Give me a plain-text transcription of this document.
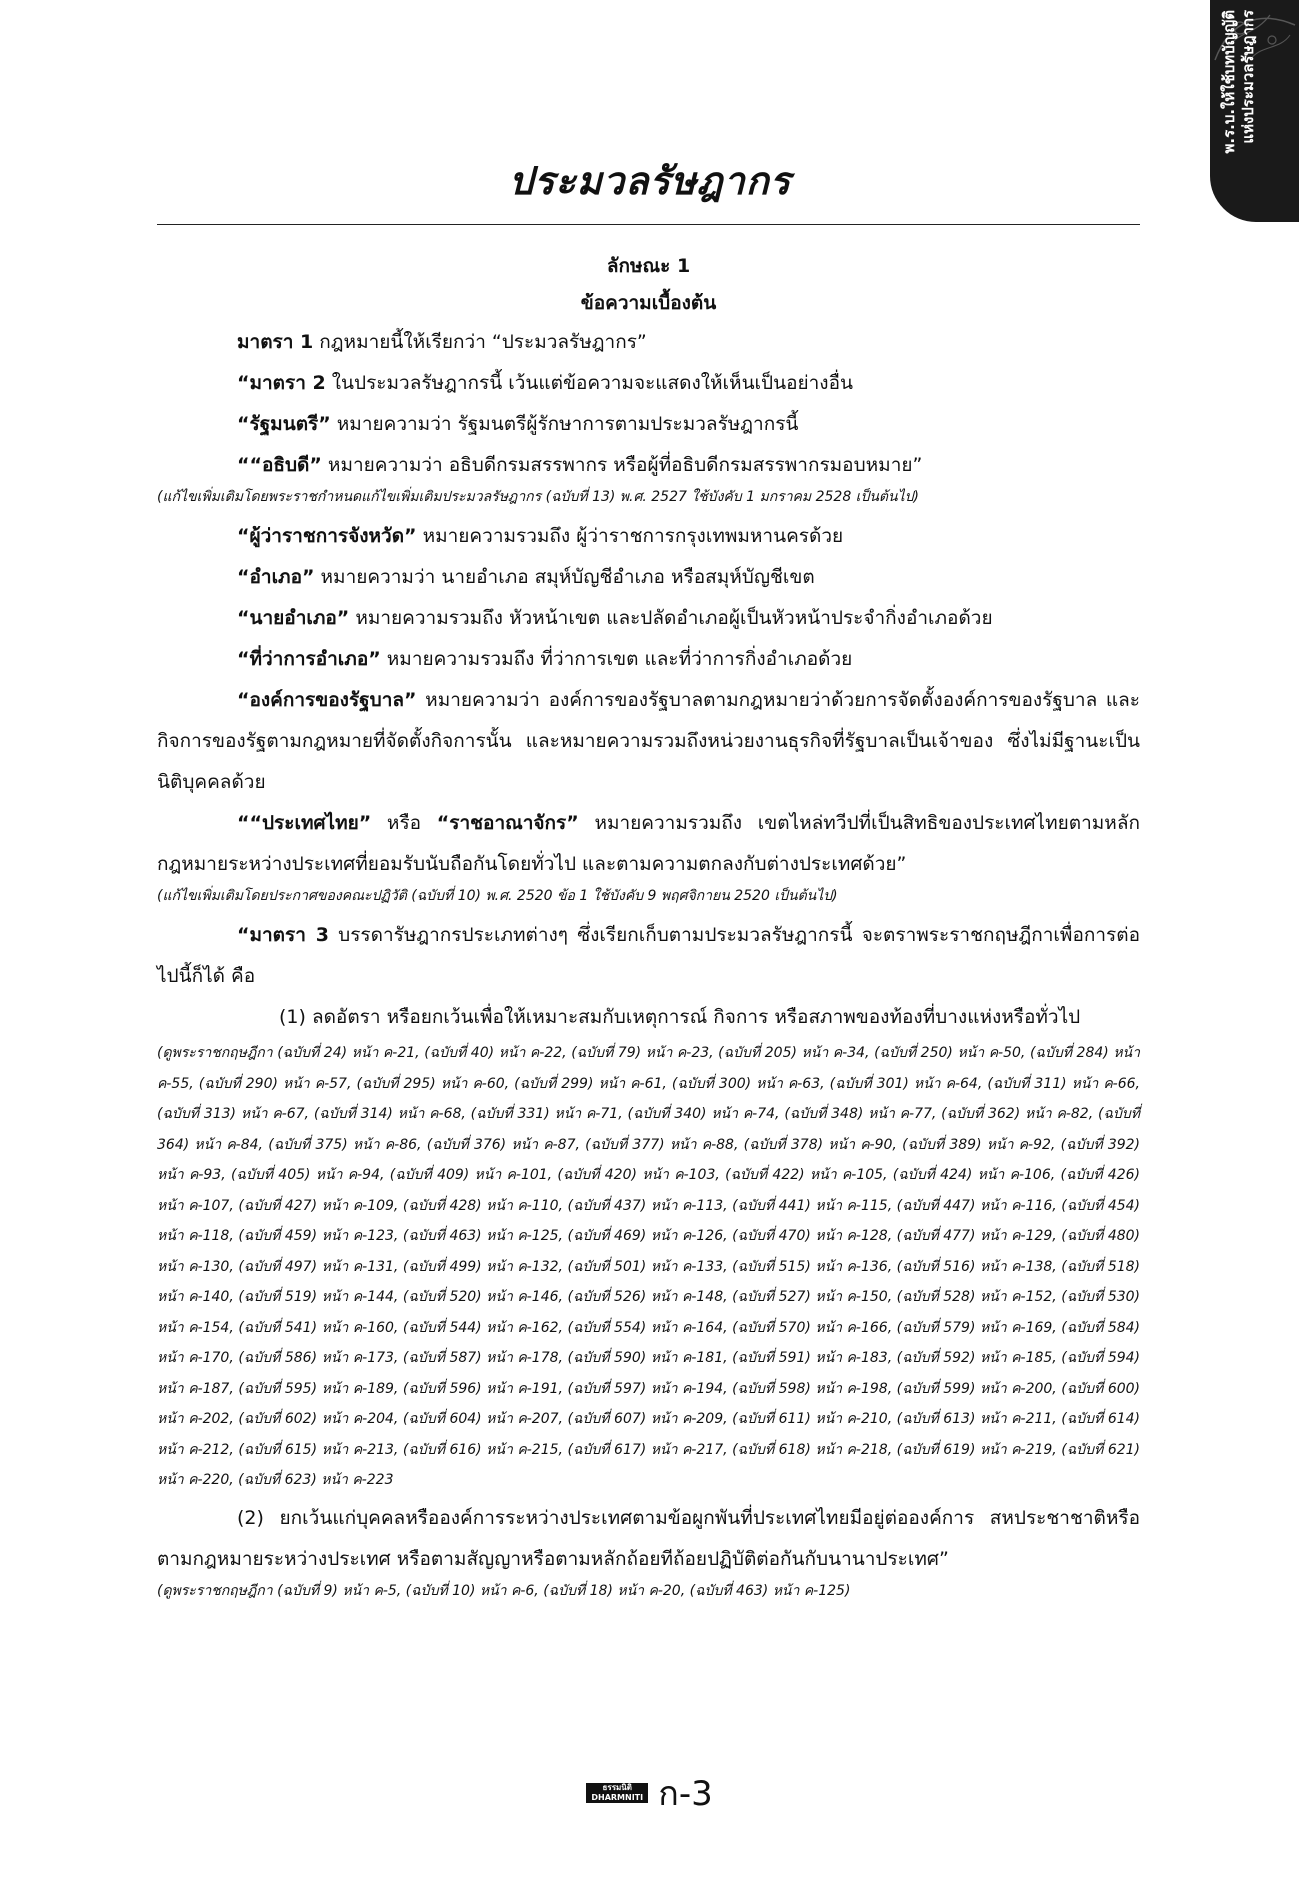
พ.ร.บ.ให้ใช้บทบัญญัติ แห่งประมวลรัษฎากร
ประมวลรัษฎากร
ลักษณะ 1
ข้อความเบื้องต้น

มาตรา 1 กฎหมายนี้ให้เรียกว่า “ประมวลรัษฎากร”

“มาตรา 2 ในประมวลรัษฎากรนี้ เว้นแต่ข้อความจะแสดงให้เห็นเป็นอย่างอื่น

“รัฐมนตรี” หมายความว่า รัฐมนตรีผู้รักษาการตามประมวลรัษฎากรนี้

““อธิบดี” หมายความว่า อธิบดีกรมสรรพากร หรือผู้ที่อธิบดีกรมสรรพากรมอบหมาย”

(แก้ไขเพิ่มเติมโดยพระราชกำหนดแก้ไขเพิ่มเติมประมวลรัษฎากร (ฉบับที่ 13) พ.ศ. 2527 ใช้บังคับ 1 มกราคม 2528 เป็นต้นไป)

“ผู้ว่าราชการจังหวัด” หมายความรวมถึง ผู้ว่าราชการกรุงเทพมหานครด้วย

“อำเภอ” หมายความว่า นายอำเภอ สมุห์บัญชีอำเภอ หรือสมุห์บัญชีเขต

“นายอำเภอ” หมายความรวมถึง หัวหน้าเขต และปลัดอำเภอผู้เป็นหัวหน้าประจำกิ่งอำเภอด้วย

“ที่ว่าการอำเภอ” หมายความรวมถึง ที่ว่าการเขต และที่ว่าการกิ่งอำเภอด้วย

“องค์การของรัฐบาล” หมายความว่า องค์การของรัฐบาลตามกฎหมายว่าด้วยการจัดตั้งองค์การของรัฐบาล และกิจการของรัฐตามกฎหมายที่จัดตั้งกิจการนั้น และหมายความรวมถึงหน่วยงานธุรกิจที่รัฐบาลเป็นเจ้าของ ซึ่งไม่มีฐานะเป็นนิติบุคคลด้วย

““ประเทศไทย” หรือ “ราชอาณาจักร” หมายความรวมถึง เขตไหล่ทวีปที่เป็นสิทธิของประเทศไทยตามหลักกฎหมายระหว่างประเทศที่ยอมรับนับถือกันโดยทั่วไป และตามความตกลงกับต่างประเทศด้วย”

(แก้ไขเพิ่มเติมโดยประกาศของคณะปฏิวัติ (ฉบับที่ 10) พ.ศ. 2520 ข้อ 1 ใช้บังคับ 9 พฤศจิกายน 2520 เป็นต้นไป)

“มาตรา 3 บรรดารัษฎากรประเภทต่างๆ ซึ่งเรียกเก็บตามประมวลรัษฎากรนี้ จะตราพระราชกฤษฎีกาเพื่อการต่อไปนี้ก็ได้ คือ

(1) ลดอัตรา หรือยกเว้นเพื่อให้เหมาะสมกับเหตุการณ์ กิจการ หรือสภาพของท้องที่บางแห่งหรือทั่วไป

(ดูพระราชกฤษฎีกา (ฉบับที่ 24) หน้า ค-21, (ฉบับที่ 40) หน้า ค-22, (ฉบับที่ 79) หน้า ค-23, (ฉบับที่ 205) หน้า ค-34, (ฉบับที่ 250) หน้า ค-50, (ฉบับที่ 284) หน้า ค-55, (ฉบับที่ 290) หน้า ค-57, (ฉบับที่ 295) หน้า ค-60, (ฉบับที่ 299) หน้า ค-61, (ฉบับที่ 300) หน้า ค-63, (ฉบับที่ 301) หน้า ค-64, (ฉบับที่ 311) หน้า ค-66, (ฉบับที่ 313) หน้า ค-67, (ฉบับที่ 314) หน้า ค-68, (ฉบับที่ 331) หน้า ค-71, (ฉบับที่ 340) หน้า ค-74, (ฉบับที่ 348) หน้า ค-77, (ฉบับที่ 362) หน้า ค-82, (ฉบับที่ 364) หน้า ค-84, (ฉบับที่ 375) หน้า ค-86, (ฉบับที่ 376) หน้า ค-87, (ฉบับที่ 377) หน้า ค-88, (ฉบับที่ 378) หน้า ค-90, (ฉบับที่ 389) หน้า ค-92, (ฉบับที่ 392) หน้า ค-93, (ฉบับที่ 405) หน้า ค-94, (ฉบับที่ 409) หน้า ค-101, (ฉบับที่ 420) หน้า ค-103, (ฉบับที่ 422) หน้า ค-105, (ฉบับที่ 424) หน้า ค-106, (ฉบับที่ 426) หน้า ค-107, (ฉบับที่ 427) หน้า ค-109, (ฉบับที่ 428) หน้า ค-110, (ฉบับที่ 437) หน้า ค-113, (ฉบับที่ 441) หน้า ค-115, (ฉบับที่ 447) หน้า ค-116, (ฉบับที่ 454) หน้า ค-118, (ฉบับที่ 459) หน้า ค-123, (ฉบับที่ 463) หน้า ค-125, (ฉบับที่ 469) หน้า ค-126, (ฉบับที่ 470) หน้า ค-128, (ฉบับที่ 477) หน้า ค-129, (ฉบับที่ 480) หน้า ค-130, (ฉบับที่ 497) หน้า ค-131, (ฉบับที่ 499) หน้า ค-132, (ฉบับที่ 501) หน้า ค-133, (ฉบับที่ 515) หน้า ค-136, (ฉบับที่ 516) หน้า ค-138, (ฉบับที่ 518) หน้า ค-140, (ฉบับที่ 519) หน้า ค-144, (ฉบับที่ 520) หน้า ค-146, (ฉบับที่ 526) หน้า ค-148, (ฉบับที่ 527) หน้า ค-150, (ฉบับที่ 528) หน้า ค-152, (ฉบับที่ 530) หน้า ค-154, (ฉบับที่ 541) หน้า ค-160, (ฉบับที่ 544) หน้า ค-162, (ฉบับที่ 554) หน้า ค-164, (ฉบับที่ 570) หน้า ค-166, (ฉบับที่ 579) หน้า ค-169, (ฉบับที่ 584) หน้า ค-170, (ฉบับที่ 586) หน้า ค-173, (ฉบับที่ 587) หน้า ค-178, (ฉบับที่ 590) หน้า ค-181, (ฉบับที่ 591) หน้า ค-183, (ฉบับที่ 592) หน้า ค-185, (ฉบับที่ 594) หน้า ค-187, (ฉบับที่ 595) หน้า ค-189, (ฉบับที่ 596) หน้า ค-191, (ฉบับที่ 597) หน้า ค-194, (ฉบับที่ 598) หน้า ค-198, (ฉบับที่ 599) หน้า ค-200, (ฉบับที่ 600) หน้า ค-202, (ฉบับที่ 602) หน้า ค-204, (ฉบับที่ 604) หน้า ค-207, (ฉบับที่ 607) หน้า ค-209, (ฉบับที่ 611) หน้า ค-210, (ฉบับที่ 613) หน้า ค-211, (ฉบับที่ 614) หน้า ค-212, (ฉบับที่ 615) หน้า ค-213, (ฉบับที่ 616) หน้า ค-215, (ฉบับที่ 617) หน้า ค-217, (ฉบับที่ 618) หน้า ค-218, (ฉบับที่ 619) หน้า ค-219, (ฉบับที่ 621) หน้า ค-220, (ฉบับที่ 623) หน้า ค-223

(2) ยกเว้นแก่บุคคลหรือองค์การระหว่างประเทศตามข้อผูกพันที่ประเทศไทยมีอยู่ต่อองค์การ สหประชาชาติหรือตามกฎหมายระหว่างประเทศ หรือตามสัญญาหรือตามหลักถ้อยทีถ้อยปฏิบัติต่อกันกับนานาประเทศ”

(ดูพระราชกฤษฎีกา (ฉบับที่ 9) หน้า ค-5, (ฉบับที่ 10) หน้า ค-6, (ฉบับที่ 18) หน้า ค-20, (ฉบับที่ 463) หน้า ค-125)

ธรรมนิติ
DHARMNITI ก-3
